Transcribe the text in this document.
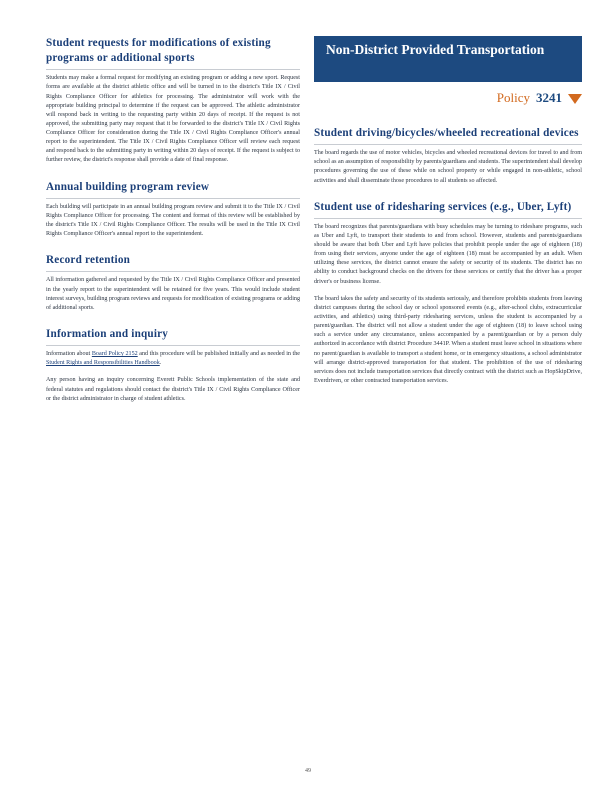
Student requests for modifications of existing programs or additional sports

Students may make a formal request for modifying an existing program or adding a new sport. Request forms are available at the district athletic office and will be turned in to the district's Title IX / Civil Rights Compliance Officer for athletics for processing. The administrator will work with the appropriate building principal to determine if the request can be approved. The athletic administrator will respond back in writing to the requesting party within 20 days of receipt. If the request is not approved, the submitting party may request that it be forwarded to the district's Title IX / Civil Rights Compliance Officer for consideration during the Title IX / Civil Rights Compliance Officer's annual report to the superintendent. The Title IX / Civil Rights Compliance Officer will review each request and respond back to the submitting party in writing within 20 days of receipt. If the request is subject to further review, the district's response shall provide a date of final response.

Annual building program review

Each building will participate in an annual building program review and submit it to the Title IX / Civil Rights Compliance Officer for processing. The content and format of this review will be established by the district's Title IX / Civil Rights Compliance Officer. The results will be used in the Title IX Civil Rights Compliance Officer's annual report to the superintendent.

Record retention

All information gathered and requested by the Title IX / Civil Rights Compliance Officer and presented in the yearly report to the superintendent will be retained for five years. This would include student interest surveys, building program reviews and requests for modification of existing programs or adding of additional sports.

Information and inquiry

Information about Board Policy 2152 and this procedure will be published initially and as needed in the Student Rights and Responsibilities Handbook.

Any person having an inquiry concerning Everett Public Schools implementation of the state and federal statutes and regulations should contact the district's Title IX / Civil Rights Compliance Officer or the district administrator in charge of student athletics.

Non-District Provided Transportation
Policy 3241
Student driving/bicycles/wheeled recreational devices

The board regards the use of motor vehicles, bicycles and wheeled recreational devices for travel to and from school as an assumption of responsibility by parents/guardians and students. The superintendent shall develop procedures governing the use of these while on school property or while engaged in non-athletic, school activities and shall disseminate those procedures to all students so affected.

Student use of ridesharing services (e.g., Uber, Lyft)

The board recognizes that parents/guardians with busy schedules may be turning to rideshare programs, such as Uber and Lyft, to transport their students to and from school. However, students and parents/guardians should be aware that both Uber and Lyft have policies that prohibit people under the age of eighteen (18) from using their services, anyone under the age of eighteen (18) must be accompanied by an adult. When utilizing these services, the district cannot ensure the safety or security of its students. The district has no ability to conduct background checks on the drivers for these services or certify that the driver has a proper driver's or business license.

The board takes the safety and security of its students seriously, and therefore prohibits students from leaving district campuses during the school day or school sponsored events (e.g., after-school clubs, extracurricular activities, and athletics) using third-party ridesharing services, unless the student is accompanied by a parent/guardian. The district will not allow a student under the age of eighteen (18) to leave school using such a service under any circumstance, unless accompanied by a parent/guardian or by a person duly authorized in accordance with district Procedure 3441P. When a student must leave school in situations where no parent/guardian is available to transport a student home, or in emergency situations, a school administrator will arrange district-approved transportation for that student. The prohibition of the use of ridesharing services does not include transportation services that directly contract with the district such as HopSkipDrive, Everdriven, or other contracted transportation services.

49
